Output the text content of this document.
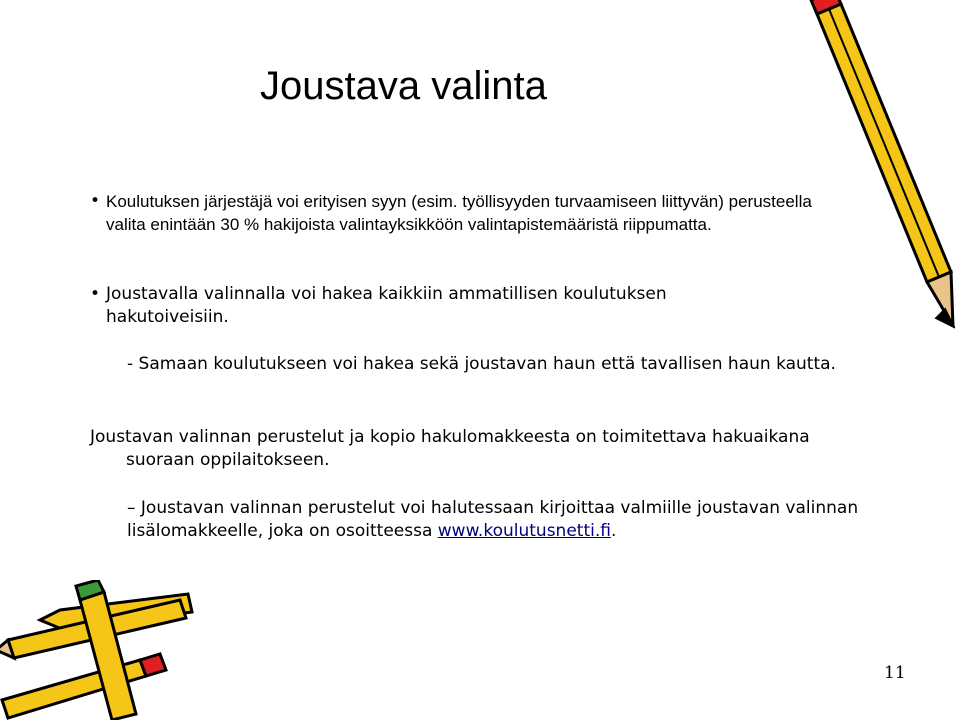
Joustava valinta
• Koulutuksen järjestäjä voi erityisen syyn (esim. työllisyyden turvaamiseen liittyvän) perusteella valita enintään 30 % hakijoista valintayksikköön valintapistemääristä riippumatta.
• Joustavalla valinnalla voi hakea kaikkiin ammatillisen koulutuksen hakutoiveisiin.
- Samaan koulutukseen voi hakea sekä joustavan haun että tavallisen haun kautta.
Joustavan valinnan perustelut ja kopio hakulomakkeesta on toimitettava hakuaikana suoraan oppilaitokseen.
– Joustavan valinnan perustelut voi halutessaan kirjoittaa valmiille joustavan valinnan lisälomakkeelle, joka on osoitteessa www.koulutusnetti.fi.
11
